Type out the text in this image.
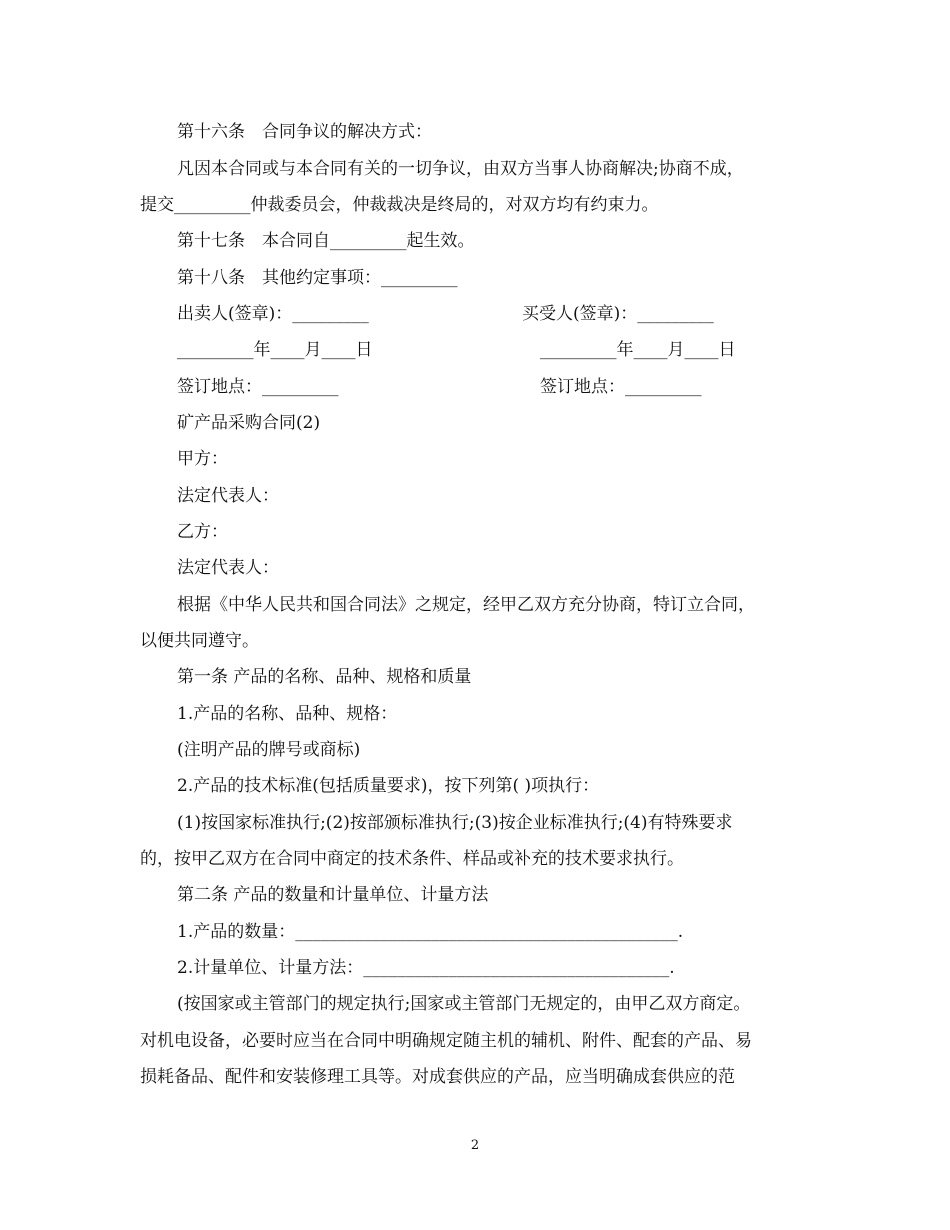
第十六条　合同争议的解决方式：
凡因本合同或与本合同有关的一切争议，由双方当事人协商解决;协商不成，
提交_________仲裁委员会，仲裁裁决是终局的，对双方均有约束力。
第十七条　本合同自_________起生效。
第十八条　其他约定事项：_________
出卖人(签章)：_________	买受人(签章)：_________
_________年____月____日	_________年____月____日
签订地点：_________	签订地点：_________
矿产品采购合同(2)
甲方：
法定代表人：
乙方：
法定代表人：
根据《中华人民共和国合同法》之规定，经甲乙双方充分协商，特订立合同，
以便共同遵守。
第一条 产品的名称、品种、规格和质量
1.产品的名称、品种、规格：
(注明产品的牌号或商标)
2.产品的技术标准(包括质量要求)，按下列第( )项执行：
(1)按国家标准执行;(2)按部颁标准执行;(3)按企业标准执行;(4)有特殊要求
的，按甲乙双方在合同中商定的技术条件、样品或补充的技术要求执行。
第二条 产品的数量和计量单位、计量方法
1.产品的数量：_____________________________________________.
2.计量单位、计量方法：____________________________________.
(按国家或主管部门的规定执行;国家或主管部门无规定的，由甲乙双方商定。
对机电设备，必要时应当在合同中明确规定随主机的辅机、附件、配套的产品、易
损耗备品、配件和安装修理工具等。对成套供应的产品，应当明确成套供应的范
2
